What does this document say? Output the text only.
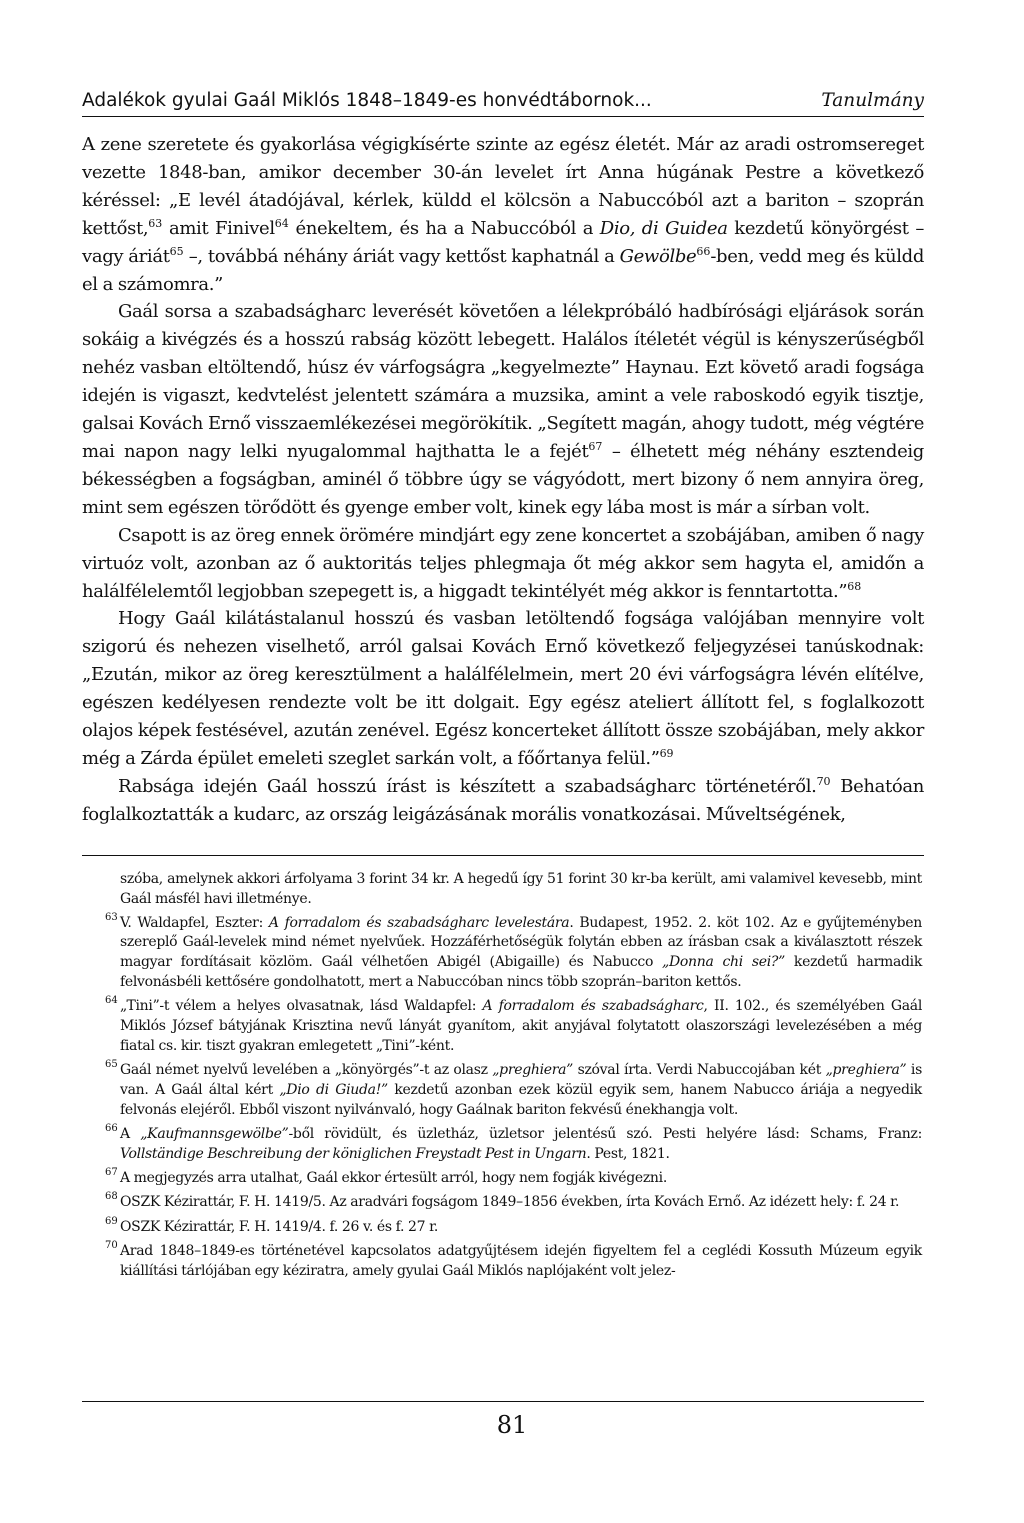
Adalékok gyulai Gaál Miklós 1848–1849-es honvédtábornok...	Tanulmány

A zene szeretete és gyakorlása végigkísérte szinte az egész életét. Már az aradi ostromsereget vezette 1848-ban, amikor december 30-án levelet írt Anna húgának Pestre a következő kéréssel: „E levél átadójával, kérlek, küldd el kölcsön a Nabuccóból azt a bariton – szoprán kettőst,$^{63}$ amit Finivel$^{64}$ énekeltem, és ha a Nabuccóból a Dio, di Guidea kezdetű könyörgést – vagy áriát$^{65}$ –, továbbá néhány áriát vagy kettőst kaphatnál a Gewölbe$^{66}$-ben, vedd meg és küldd el a számomra.”

Gaál sorsa a szabadságharc leverését követően a lélekpróbáló hadbírósági eljárások során sokáig a kivégzés és a hosszú rabság között lebegett. Halálos ítéletét végül is kényszerűségből nehéz vasban eltöltendő, húsz év várfogságra „kegyelmezte” Haynau. Ezt követő aradi fogsága idején is vigaszt, kedvtelést jelentett számára a muzsika, amint a vele raboskodó egyik tisztje, galsai Kovách Ernő visszaemlékezései megörökítik. „Segített magán, ahogy tudott, még végtére mai napon nagy lelki nyugalommal hajthatta le a fejét$^{67}$ – élhetett még néhány esztendeig békességben a fogságban, aminél ő többre úgy se vágyódott, mert bizony ő nem annyira öreg, mint sem egészen törődött és gyenge ember volt, kinek egy lába most is már a sírban volt.

Csapott is az öreg ennek örömére mindjárt egy zene koncertet a szobájában, amiben ő nagy virtuóz volt, azonban az ő auktoritás teljes phlegmaja őt még akkor sem hagyta el, amidőn a halálfélelemtől legjobban szepegett is, a higgadt tekintélyét még akkor is fenntartotta.”$^{68}$

Hogy Gaál kilátástalanul hosszú és vasban letöltendő fogsága valójában mennyire volt szigorú és nehezen viselhető, arról galsai Kovách Ernő következő feljegyzései tanúskodnak: „Ezután, mikor az öreg keresztülment a halálfélelmein, mert 20 évi várfogságra lévén elítélve, egészen kedélyesen rendezte volt be itt dolgait. Egy egész ateliert állított fel, s foglalkozott olajos képek festésével, azután zenével. Egész koncerteket állított össze szobájában, mely akkor még a Zárda épület emeleti szeglet sarkán volt, a főőrtanya felül.”$^{69}$

Rabsága idején Gaál hosszú írást is készített a szabadságharc történetéről.$^{70}$ Behatóan foglalkoztatták a kudarc, az ország leigázásának morális vonatkozásai. Műveltségének,

szóba, amelynek akkori árfolyama 3 forint 34 kr. A hegedű így 51 forint 30 kr-ba került, ami valamivel kevesebb, mint Gaál másfél havi illetménye.
63 V. Waldapfel, Eszter: A forradalom és szabadságharc levelestára. Budapest, 1952. 2. köt 102. Az e gyűjteményben szereplő Gaál-levelek mind német nyelvűek. Hozzáférhetőségük folytán ebben az írásban csak a kiválasztott részek magyar fordításait közlöm. Gaál vélhetően Abigél (Abigaille) és Nabucco „Donna chi sei?” kezdetű harmadik felvonásbéli kettősére gondolhatott, mert a Nabuccóban nincs több szoprán–bariton kettős.
64 „Tini”-t vélem a helyes olvasatnak, lásd Waldapfel: A forradalom és szabadságharc, II. 102., és személyében Gaál Miklós József bátyjának Krisztina nevű lányát gyanítom, akit anyjával folytatott olaszországi levelezésében a még fiatal cs. kir. tiszt gyakran emlegetett „Tini”-ként.
65 Gaál német nyelvű levelében a „könyörgés”-t az olasz „preghiera” szóval írta. Verdi Nabuccojában két „preghiera” is van. A Gaál által kért „Dio di Giuda!” kezdetű azonban ezek közül egyik sem, hanem Nabucco áriája a negyedik felvonás elejéről. Ebből viszont nyilvánvaló, hogy Gaálnak bariton fekvésű énekhangja volt.
66 A „Kaufmannsgewölbe”-ből rövidült, és üzletház, üzletsor jelentésű szó. Pesti helyére lásd: Schams, Franz: Vollständige Beschreibung der königlichen Freystadt Pest in Ungarn. Pest, 1821.
67 A megjegyzés arra utalhat, Gaál ekkor értesült arról, hogy nem fogják kivégezni.
68 OSZK Kézirattár, F. H. 1419/5. Az aradvári fogságom 1849–1856 években, írta Kovách Ernő. Az idézett hely: f. 24 r.
69 OSZK Kézirattár, F. H. 1419/4. f. 26 v. és f. 27 r.
70 Arad 1848–1849-es történetével kapcsolatos adatgyűjtésem idején figyeltem fel a ceglédi Kossuth Múzeum egyik kiállítási tárlójában egy kéziratra, amely gyulai Gaál Miklós naplójaként volt jelez-
81
